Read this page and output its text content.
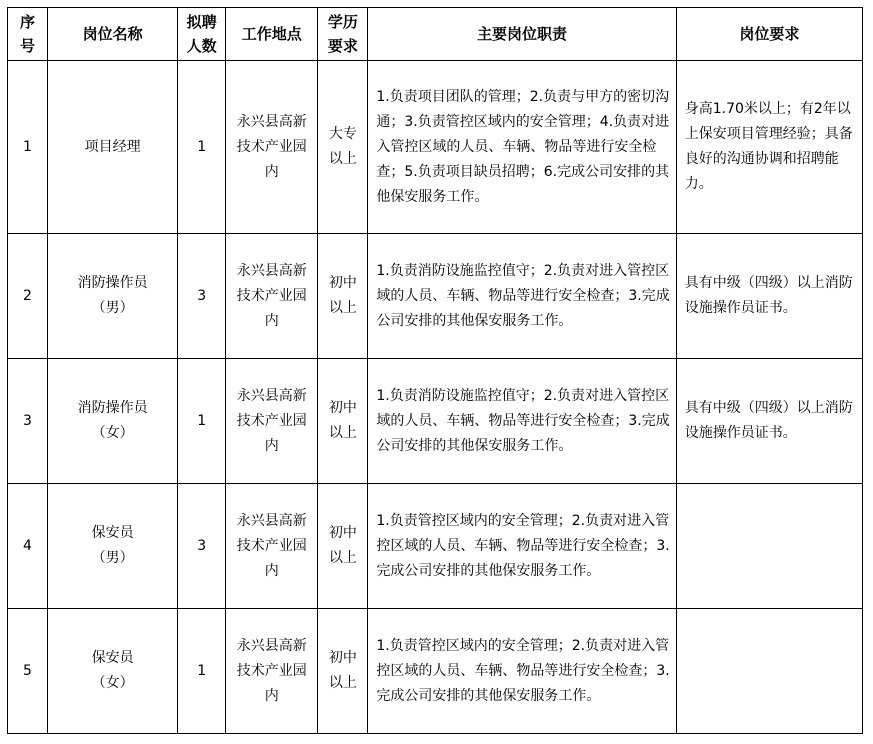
序号	岗位名称	拟聘人数	工作地点	学历要求	主要岗位职责	岗位要求
1	项目经理	1	永兴县高新技术产业园内	大专以上	1.负责项目团队的管理；2.负责与甲方的密切沟通；3.负责管控区域内的安全管理；4.负责对进入管控区域的人员、车辆、物品等进行安全检查；5.负责项目缺员招聘；6.完成公司安排的其他保安服务工作。	身高1.70米以上；有2年以上保安项目管理经验；具备良好的沟通协调和招聘能力。
2	消防操作员（男）	3	永兴县高新技术产业园内	初中以上	1.负责消防设施监控值守；2.负责对进入管控区域的人员、车辆、物品等进行安全检查；3.完成公司安排的其他保安服务工作。	具有中级（四级）以上消防设施操作员证书。
3	消防操作员（女）	1	永兴县高新技术产业园内	初中以上	1.负责消防设施监控值守；2.负责对进入管控区域的人员、车辆、物品等进行安全检查；3.完成公司安排的其他保安服务工作。	具有中级（四级）以上消防设施操作员证书。
4	保安员（男）	3	永兴县高新技术产业园内	初中以上	1.负责管控区域内的安全管理；2.负责对进入管控区域的人员、车辆、物品等进行安全检查；3.完成公司安排的其他保安服务工作。	
5	保安员（女）	1	永兴县高新技术产业园内	初中以上	1.负责管控区域内的安全管理；2.负责对进入管控区域的人员、车辆、物品等进行安全检查；3.完成公司安排的其他保安服务工作。	
